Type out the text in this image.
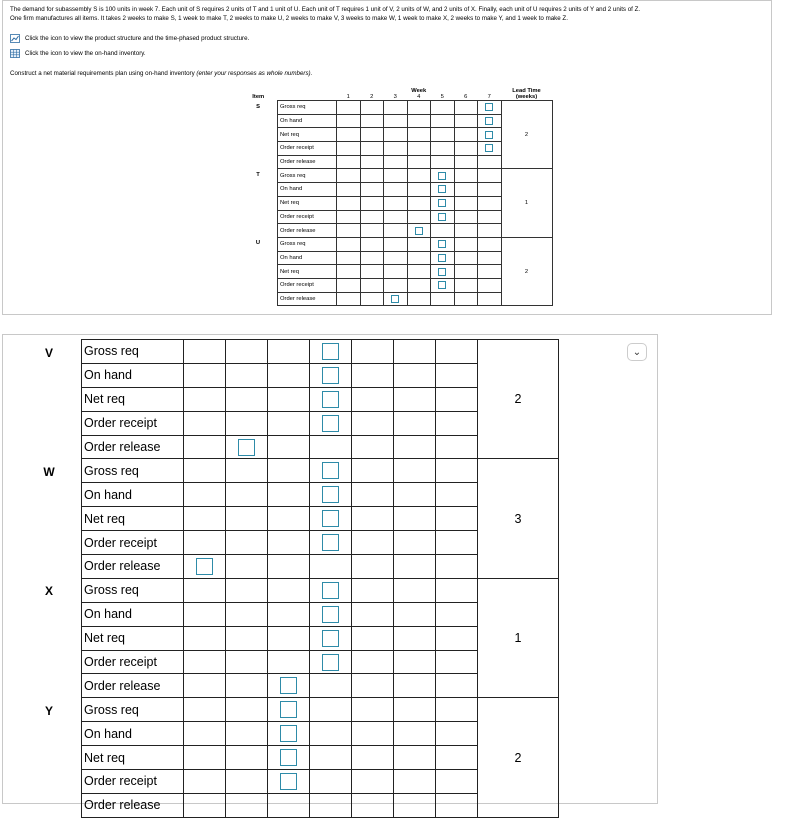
The demand for subassembly S is 100 units in week 7. Each unit of S requires 2 units of T and 1 unit of U. Each unit of T requires 1 unit of V, 2 units of W, and 2 units of X. Finally, each unit of U requires 2 units of Y and 2 units of Z.
One firm manufactures all items. It takes 2 weeks to make S, 1 week to make T, 2 weeks to make U, 2 weeks to make V, 3 weeks to make W, 1 week to make X, 2 weeks to make Y, and 1 week to make Z.
Click the icon to view the product structure and the time-phased product structure.
Click the icon to view the on-hand inventory.
Construct a net material requirements plan using on-hand inventory (enter your responses as whole numbers).
		Week							Lead Time
Item		1	2	3	4	5	6	7	(weeks)
S	Gross req								2
	On hand								
	Net req								
	Order receipt								
	Order release								
T	Gross req								1
	On hand								
	Net req								
	Order receipt								
	Order release								
U	Gross req								2
	On hand								
	Net req								
	Order receipt								
	Order release								
V	Gross req								2
	On hand								
	Net req								
	Order receipt								
	Order release								
W	Gross req								3
	On hand								
	Net req								
	Order receipt								
	Order release								
X	Gross req								1
	On hand								
	Net req								
	Order receipt								
	Order release								
Y	Gross req								2
	On hand								
	Net req								
	Order receipt								
	Order release								
⌄
